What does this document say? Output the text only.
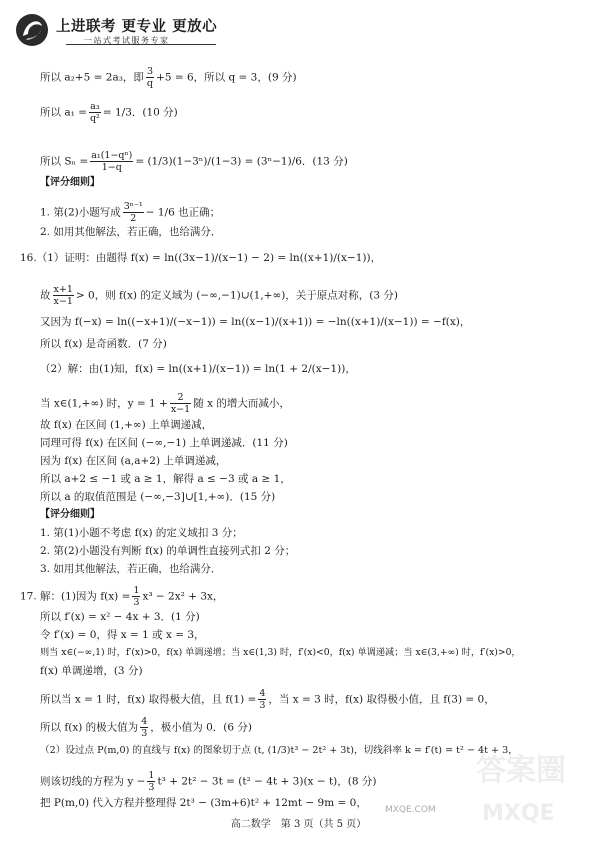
上进联考 更专业 更放心
一站式考试服务专家
所以 a₂+5 = 2a₃，即 $\frac{3}{q} +5 = 6$，所以 q = 3，(9 分)
所以 $a_1 = \frac{\text{a₃}}{\text{q²}} = 1/3$．(10 分)
所以 $S_n = \frac{\text{a₁(1−qⁿ)}}{1-q} = (1/3)(1-3^n)/(1-3) = (3^n-1)/6$．(13 分)
【评分细则】
1. 第(2)小题写成 $\frac{\text{3ⁿ⁻¹}}{2} - 1/6$ 也正确；
2. 如用其他解法，若正确，也给满分．
16.（1）证明：由题得 f(x) = ln((3x−1)/(x−1) − 2) = ln((x+1)/(x−1))，
故 $\frac{x+1}{x-1} > 0$，则 f(x) 的定义域为 (−∞,−1)∪(1,+∞)，关于原点对称，(3 分)
又因为 f(−x) = ln((−x+1)/(−x−1)) = ln((x−1)/(x+1)) = −ln((x+1)/(x−1)) = −f(x)，
所以 f(x) 是奇函数．(7 分)
（2）解：由(1)知，f(x) = ln((x+1)/(x−1)) = ln(1 + 2/(x−1))，
当 x∈(1,+∞) 时，$y = 1 + \frac{2}{x-1}$ 随 x 的增大而减小，
故 f(x) 在区间 (1,+∞) 上单调递减，
同理可得 f(x) 在区间 (−∞,−1) 上单调递减．(11 分)
因为 f(x) 在区间 (a,a+2) 上单调递减，
所以 a+2 ≤ −1 或 a ≥ 1，解得 a ≤ −3 或 a ≥ 1，
所以 a 的取值范围是 (−∞,−3]∪[1,+∞)．(15 分)
【评分细则】
1. 第(1)小题不考虑 f(x) 的定义域扣 3 分；
2. 第(2)小题没有判断 f(x) 的单调性直接列式扣 2 分；
3. 如用其他解法，若正确，也给满分．
17. 解：(1)因为 $f(x) = \frac{1}{3} x^3 - 2x^2 + 3x$，
所以 f′(x) = x² − 4x + 3．(1 分)
令 f′(x) = 0，得 x = 1 或 x = 3，
则当 x∈(−∞,1) 时，f′(x)>0，f(x) 单调递增；当 x∈(1,3) 时，f′(x)<0，f(x) 单调递减；当 x∈(3,+∞) 时，f′(x)>0，
f(x) 单调递增，(3 分)
所以当 x = 1 时，f(x) 取得极大值，且 $f(1) = \frac{4}{3}$ ，当 x = 3 时，f(x) 取得极小值，且 f(3) = 0，
所以 f(x) 的极大值为 $\frac{4}{3}$ ，极小值为 0．(6 分)
（2）设过点 P(m,0) 的直线与 f(x) 的图象切于点 (t, (1/3)t³ − 2t² + 3t)，切线斜率 k = f′(t) = t² − 4t + 3，
则该切线的方程为 $y - \frac{1}{3} t^3 + 2t^2 - 3t = (t^2 - 4t + 3)(x - t)$，(8 分)
把 P(m,0) 代入方程并整理得 2t³ − (3m+6)t² + 12mt − 9m = 0，
高二数学　第 3 页（共 5 页）
答案圈
MXQE
MXQE.COM
